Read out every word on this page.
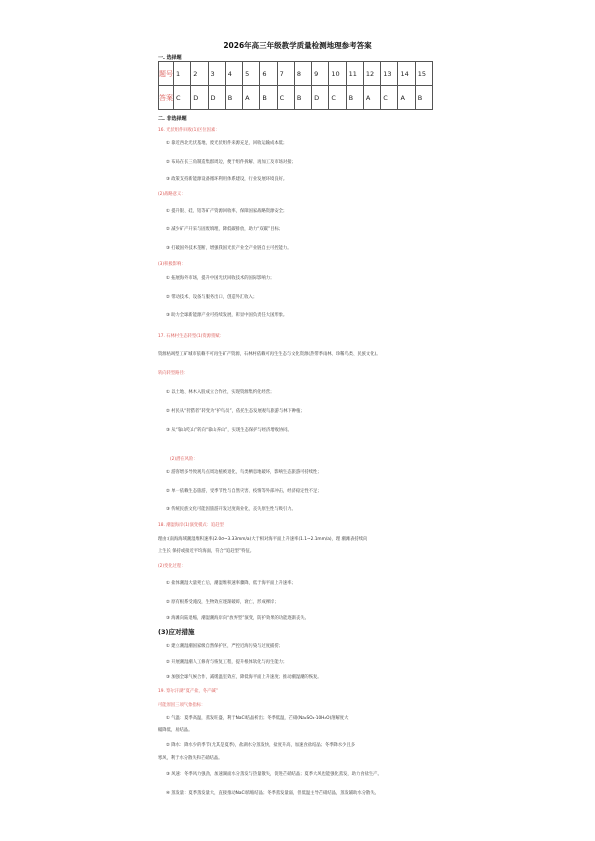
2026年高三年级教学质量检测地理参考答案
一. 选择题
题号	1	2	3	4	5	6	7	8	9	10	11	12	13	14	15
答案	C	D	D	B	A	B	C	B	D	C	B	A	C	A	B
二. 非选择题
16. 光伏组件回收(1)区位因素：
① 靠近西北光伏基地，废光伏组件来源充足，回收运输成本低；
② 布局在长三角制造集群周边，便于组件拆解、再加工及市场对接；
③ 政策支持新能源设备循环利用体系建设，行业发展环境良好。
(2)战略意义：
① 提升银、硅、铝等矿产资源回收率，保障国家战略资源安全；
② 减少矿产开采与固废填埋，降低碳排放，助力“双碳”目标；
③ 打破国外技术垄断，增强我国光伏产业全产业链自主可控能力。
(3)积极影响：
① 拓展海外市场，提升中国光伏回收技术的国际影响力；
② 带动技术、设备与服务出口，创造外汇收入；
③ 助力全球新能源产业可持续发展，彰显中国负责任大国形象。
17. 石林村生态转型(1)资源禀赋：
资源枯竭型工矿城市依赖不可再生矿产资源，石林村依赖可再生生态与文化资源(热带季雨林、珍稀鸟类、民族文化)。
转向转型路径：
① 以土地、林木入股成立合作社，实现资源集约化经营；
② 村民从“狩猎者”转变为“护鸟员”，依托生态发展观鸟旅游与林下种植；
③ 从“靠山吃山”转向“靠山养山”，实现生态保护与经济增收协同。
(2)潜在风险：
① 游客增多导致观鸟点周边植被退化，鸟类栖息地破坏，影响生态旅游可持续性；
② 单一依赖生态旅游，受季节性与自然灾害、疫情等外部冲击，经济稳定性不足；
③ 传统民族文化可能因旅游开发过度商业化，丧失原生性与吸引力。
18. 潮湿海岸(1)演变模式：追赶型
理由:(南海海域潮湿堆积速率(2.0σ~3.33mm/a)大于相对海平面上升速率(1.1~2.1mm/a)，理 潮滩表持续向
上生长 保持或接近平均海面，符合“追赶型”特征。
(2)变化过程：
① 盐体潮湿大量死亡后，潮湿堆积速率骤降，低于海平面上升速率；
② 原有根系受淹没，生物效应逐渐破碎，衰亡，形成裸岸；
③ 海滩向陆退缩，潮湿潮海岸向“放弃型”演变，防护效果的功能逐渐丧失。
(3)应对措施
① 建立潮湿潮国家级自然保护区，严控近海污染与过度捕捞；
② 开展潮湿潮人工修育与恢复工程，提升根体软化与再生能力；
③ 加强全球气候合作，减缓温室效应，降低海平面上升速度；推动潮湿潮的恢复。
19. 察尔汗湖“夏产盐，冬产碱”
可能原因三项气象指标：
① 气温：夏季高温，蒸发旺盛，利于NaCl结晶析出；冬季低温，芒硝(Na₂SO₄·10H₂O)溶解度大
幅降低，易结晶。
② 降水：降水少的季节(尤其是夏季)，盐湖水分蒸发快，盐度升高，加速食盐结晶；冬季降水少且多
寒风，利于水分散失和芒硝结晶。
③ 风速：冬季风力强劲，加速湖面水分蒸发与热量散失，促进芒硝结晶；夏季大风也能强化蒸发，助力食盐生产。
④ 蒸发量：夏季蒸发量大，直接推动NaCl浓缩结晶；冬季蒸发量弱，但低温主导芒硝结晶，蒸发辅助水分散失。
